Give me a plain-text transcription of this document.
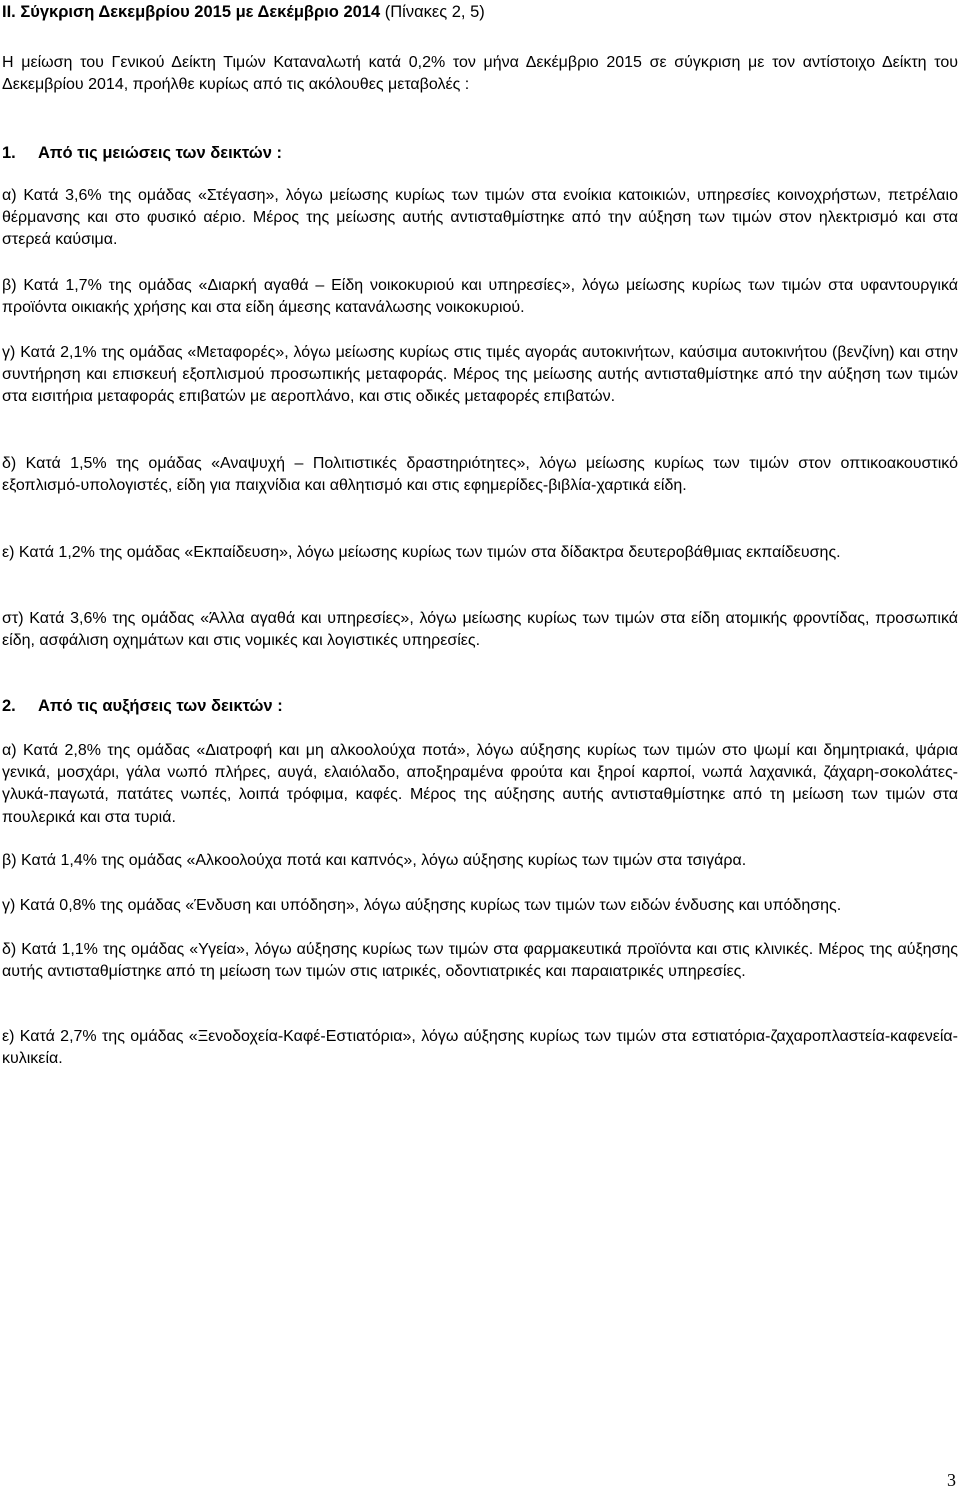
II. Σύγκριση Δεκεμβρίου 2015 με Δεκέμβριο 2014 (Πίνακες 2, 5)

Η μείωση του Γενικού Δείκτη Τιμών Καταναλωτή κατά 0,2% τον μήνα Δεκέμβριο 2015 σε σύγκριση με τον αντίστοιχο Δείκτη του Δεκεμβρίου 2014, προήλθε κυρίως από τις ακόλουθες μεταβολές :

1. Από τις μειώσεις των δεικτών :

α) Κατά 3,6% της ομάδας «Στέγαση», λόγω μείωσης κυρίως των τιμών στα ενοίκια κατοικιών, υπηρεσίες κοινοχρήστων, πετρέλαιο θέρμανσης και στο φυσικό αέριο. Μέρος της μείωσης αυτής αντισταθμίστηκε από την αύξηση των τιμών στον ηλεκτρισμό και στα στερεά καύσιμα.

β) Κατά 1,7% της ομάδας «Διαρκή αγαθά – Είδη νοικοκυριού και υπηρεσίες», λόγω μείωσης κυρίως των τιμών στα υφαντουργικά προϊόντα οικιακής χρήσης και στα είδη άμεσης κατανάλωσης νοικοκυριού.

γ) Κατά 2,1% της ομάδας «Μεταφορές», λόγω μείωσης κυρίως στις τιμές αγοράς αυτοκινήτων, καύσιμα αυτοκινήτου (βενζίνη) και στην συντήρηση και επισκευή εξοπλισμού προσωπικής μεταφοράς. Μέρος της μείωσης αυτής αντισταθμίστηκε από την αύξηση των τιμών στα εισιτήρια μεταφοράς επιβατών με αεροπλάνο, και στις οδικές μεταφορές επιβατών.

δ) Κατά 1,5% της ομάδας «Αναψυχή – Πολιτιστικές δραστηριότητες», λόγω μείωσης κυρίως των τιμών στον οπτικοακουστικό εξοπλισμό-υπολογιστές, είδη για παιχνίδια και αθλητισμό και στις εφημερίδες-βιβλία-χαρτικά είδη.

ε) Κατά 1,2% της ομάδας «Εκπαίδευση», λόγω μείωσης κυρίως των τιμών στα δίδακτρα δευτεροβάθμιας εκπαίδευσης.

στ) Κατά 3,6% της ομάδας «Άλλα αγαθά και υπηρεσίες», λόγω μείωσης κυρίως των τιμών στα είδη ατομικής φροντίδας, προσωπικά είδη, ασφάλιση οχημάτων και στις νομικές και λογιστικές υπηρεσίες.

2. Από τις αυξήσεις των δεικτών :

α) Κατά 2,8% της ομάδας «Διατροφή και μη αλκοολούχα ποτά», λόγω αύξησης κυρίως των τιμών στο ψωμί και δημητριακά, ψάρια γενικά, μοσχάρι, γάλα νωπό πλήρες, αυγά, ελαιόλαδο, αποξηραμένα φρούτα και ξηροί καρποί, νωπά λαχανικά, ζάχαρη-σοκολάτες-γλυκά-παγωτά, πατάτες νωπές, λοιπά τρόφιμα, καφές. Μέρος της αύξησης αυτής αντισταθμίστηκε από τη μείωση των τιμών στα πουλερικά και στα τυριά.

β) Κατά 1,4% της ομάδας «Αλκοολούχα ποτά και καπνός», λόγω αύξησης κυρίως των τιμών στα τσιγάρα.

γ) Κατά 0,8% της ομάδας «Ένδυση και υπόδηση», λόγω αύξησης κυρίως των τιμών των ειδών ένδυσης και υπόδησης.

δ) Κατά 1,1% της ομάδας «Υγεία», λόγω αύξησης κυρίως των τιμών στα φαρμακευτικά προϊόντα και στις κλινικές. Μέρος της αύξησης αυτής αντισταθμίστηκε από τη μείωση των τιμών στις ιατρικές, οδοντιατρικές και παραιατρικές υπηρεσίες.

ε) Κατά 2,7% της ομάδας «Ξενοδοχεία-Καφέ-Εστιατόρια», λόγω αύξησης κυρίως των τιμών στα εστιατόρια-ζαχαροπλαστεία-καφενεία-κυλικεία.

3
